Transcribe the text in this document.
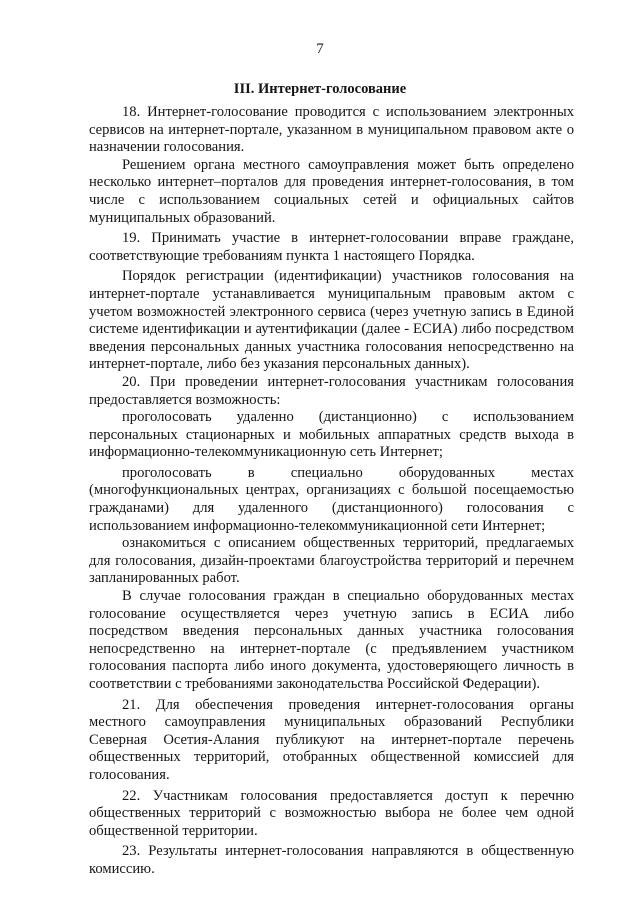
7
III. Интернет-голосование

18. Интернет-голосование проводится с использованием электронных сервисов на интернет-портале, указанном в муниципальном правовом акте о назначении голосования.

Решением органа местного самоуправления может быть определено несколько интернет–порталов для проведения интернет-голосования, в том числе с использованием социальных сетей и официальных сайтов муниципальных образований.

19. Принимать участие в интернет-голосовании вправе граждане, соответствующие требованиям пункта 1 настоящего Порядка.

Порядок регистрации (идентификации) участников голосования на интернет-портале устанавливается муниципальным правовым актом с учетом возможностей электронного сервиса (через учетную запись в Единой системе идентификации и аутентификации (далее - ЕСИА) либо посредством введения персональных данных участника голосования непосредственно на интернет-портале, либо без указания персональных данных).

20. При проведении интернет-голосования участникам голосования предоставляется возможность:

проголосовать удаленно (дистанционно) с использованием персональных стационарных и мобильных аппаратных средств выхода в информационно-телекоммуникационную сеть Интернет;

проголосовать в специально оборудованных местах (многофункциональных центрах, организациях с большой посещаемостью гражданами) для удаленного (дистанционного) голосования с использованием информационно-телекоммуникационной сети Интернет;

ознакомиться с описанием общественных территорий, предлагаемых для голосования, дизайн-проектами благоустройства территорий и перечнем запланированных работ.

В случае голосования граждан в специально оборудованных местах голосование осуществляется через учетную запись в ЕСИА либо посредством введения персональных данных участника голосования непосредственно на интернет-портале (с предъявлением участником голосования паспорта либо иного документа, удостоверяющего личность в соответствии с требованиями законодательства Российской Федерации).

21. Для обеспечения проведения интернет-голосования органы местного самоуправления муниципальных образований Республики Северная Осетия-Алания публикуют на интернет-портале перечень общественных территорий, отобранных общественной комиссией для голосования.

22. Участникам голосования предоставляется доступ к перечню общественных территорий с возможностью выбора не более чем одной общественной территории.

23. Результаты интернет-голосования направляются в общественную комиссию.
